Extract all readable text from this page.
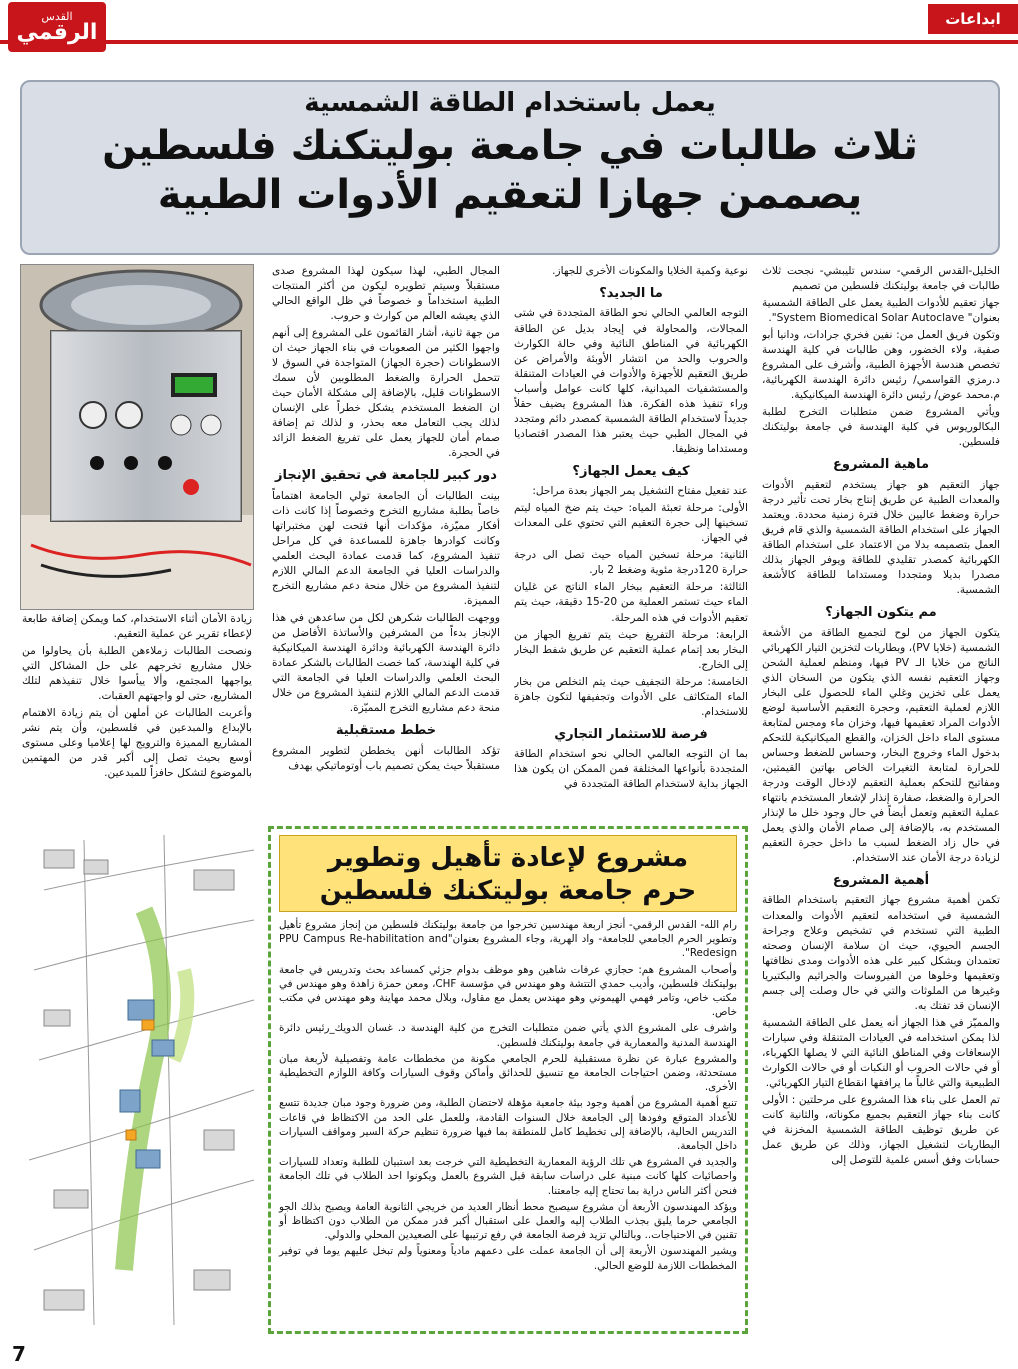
ابداعات
القدس
الرقمي
يعمل باستخدام الطاقة الشمسية
ثلاث طالبات في جامعة بوليتكنك فلسطين
يصممن جهازا لتعقيم الأدوات الطبية

الخليل-القدس الرقمي- سندس تليبشي- نجحت ثلاث طالبات في جامعة بوليتكنك فلسطين من تصميم

جهاز تعقيم للأدوات الطبية يعمل على الطاقة الشمسية بعنوان" System Biomedical Solar Autoclave".

وتكون فريق العمل من: نفين فخري جرادات، ودانيا أبو صفية، ولاء الخضور، وهن طالبات في كلية الهندسة تخصص هندسة الأجهزة الطبية، وأشرف على المشروع د.رمزي القواسمي/ رئيس دائرة الهندسة الكهربائية، م.محمد عوض/ رئيس دائرة الهندسة الميكانيكية.

ويأتي المشروع ضمن متطلبات التخرج لطلبة البكالوريوس في كلية الهندسة في جامعة بوليتكنك فلسطين.

ماهية المشروع

جهاز التعقيم هو جهاز يستخدم لتعقيم الأدوات والمعدات الطبية عن طريق إنتاج بخار تحت تأثير درجة حرارة وضغط عاليين خلال فترة زمنية محددة. ويعتمد الجهاز على استخدام الطاقة الشمسية والذي قام فريق العمل بتصميمه بدلا من الاعتماد على استخدام الطاقة الكهربائية كمصدر تقليدي للطاقة ويوفر الجهاز بذلك مصدرا بديلا ومتجددا ومستداما للطاقة كالأشعة الشمسية.

مم يتكون الجهاز؟

يتكون الجهاز من لوح لتجميع الطاقة من الأشعة الشمسية (خلايا PV)، وبطاريات لتخزين التيار الكهربائي الناتج من خلايا الـ PV فيها، ومنظم لعملية الشحن وجهاز التعقيم نفسه الذي يتكون من السخان الذي يعمل على تخزين وغلي الماء للحصول على البخار اللازم لعملية التعقيم، وحجرة التعقيم الأساسية لوضع الأدوات المراد تعقيمها فيها، وخزان ماء ومجس لمتابعة مستوى الماء داخل الخزان، والقطع الميكانيكية للتحكم بدخول الماء وخروج البخار، وحساس للضغط وحساس للحرارة لمتابعة التغيرات الخاص بهاتين القيمتين، ومفاتيح للتحكم بعملية التعقيم لإدخال الوقت ودرجة الحرارة والضغط، صفارة إنذار لإشعار المستخدم بانتهاء عملية التعقيم وتعمل أيضاً في حال وجود خلل ما لإنذار المستخدم به، بالإضافة إلى صمام الأمان والذي يعمل في حال زاد الضغط لسبب ما داخل حجرة التعقيم لزيادة درجة الأمان عند الاستخدام.

أهمية المشروع

تكمن أهمية مشروع جهاز التعقيم باستخدام الطاقة الشمسية في استخدامه لتعقيم الأدوات والمعدات الطبية التي تستخدم في تشخيص وعلاج وجراحة الجسم الحيوي، حيث ان سلامة الإنسان وصحته تعتمدان وبشكل كبير على هذه الأدوات ومدى نظافتها وتعقيمها وخلوها من الفيروسات والجراثيم والبكتيريا وغيرها من الملوثات والتي في حال وصلت إلى جسم الإنسان قد تفتك به.

والمميّز في هذا الجهاز أنه يعمل على الطاقة الشمسية لذا يمكن استخدامه في العيادات المتنقلة وفي سيارات الإسعافات وفي المناطق النائية التي لا يصلها الكهرباء، أو في حالات الحروب أو النكبات أو في حالات الكوارث الطبيعية والتي غالباً ما يرافقها انقطاع التيار الكهربائي.

تم العمل على بناء هذا المشروع على مرحلتين : الأولى كانت بناء جهاز التعقيم بجميع مكوناته، والثانية كانت عن طريق توظيف الطاقة الشمسية المخزنة في البطاريات لتشغيل الجهاز، وذلك عن طريق عمل حسابات وفق أسس علمية للتوصل إلى

نوعية وكمية الخلايا والمكونات الأخرى للجهاز.

ما الجديد؟

التوجه العالمي الحالي نحو الطاقة المتجددة في شتى المجالات، والمحاولة في إيجاد بديل عن الطاقة الكهربائية في المناطق النائية وفي حالة الكوارث والحروب والحد من انتشار الأوبئة والأمراض عن طريق التعقيم للأجهزة والأدوات في العيادات المتنقلة والمستشفيات الميدانية، كلها كانت عوامل وأسباب وراء تنفيذ هذه الفكرة. هذا المشروع يضيف حقلاً جديداً لاستخدام الطاقة الشمسية كمصدر دائم ومتجدد في المجال الطبي حيث يعتبر هذا المصدر اقتصاديا ومستداما ونظيفا.

كيف يعمل الجهاز؟

عند تفعيل مفتاح التشغيل يمر الجهاز بعدة مراحل:

الأولى: مرحلة تعبئة المياه: حيث يتم ضخ المياه ليتم تسخينها إلى حجرة التعقيم التي تحتوي على المعدات في الجهاز.

الثانية: مرحلة تسخين المياه حيث تصل الى درجة حرارة 120درجة مئوية وضغط 2 بار.

الثالثة: مرحلة التعقيم ببخار الماء الناتج عن غليان الماء حيث تستمر العملية من 20-15 دقيقة، حيث يتم تعقيم الأدوات في هذه المرحلة.

الرابعة: مرحلة التفريغ حيث يتم تفريغ الجهاز من البخار بعد إتمام عملية التعقيم عن طريق شفط البخار إلى الخارج.

الخامسة: مرحلة التجفيف حيث يتم التخلص من بخار الماء المتكاثف على الأدوات وتجفيفها لتكون جاهزة للاستخدام.

فرصة للاستثمار التجاري

بما ان التوجه العالمي الحالي نحو استخدام الطاقة المتجددة بأنواعها المختلفة فمن الممكن ان يكون هذا الجهاز بداية لاستخدام الطاقة المتجددة في

المجال الطبي، لهذا سيكون لهذا المشروع صدى مستقبلاً وسيتم تطويره ليكون من أكثر المنتجات الطبية استخداماً و خصوصاً في ظل الواقع الحالي الذي يعيشه العالم من كوارث و حروب.

من جهة ثانية، أشار القائمون على المشروع إلى أنهم واجهوا الكثير من الصعوبات في بناء الجهاز حيث ان الاسطوانات (حجرة الجهاز) المتواجدة في السوق لا تتحمل الحرارة والضغط المطلوبين لأن سمك الاسطوانات قليل، بالإضافة إلى مشكلة الأمان حيث ان الضغط المستخدم يشكل خطراً على الإنسان لذلك يجب التعامل معه بحذر، و لذلك تم إضافة صمام أمان للجهاز يعمل على تفريغ الضغط الزائد في الحجرة.

دور كبير للجامعة في تحقيق الإنجاز

بينت الطالبات أن الجامعة تولي الجامعة اهتماماً خاصاً بطلبة مشاريع التخرج وخصوصاً إذا كانت ذات أفكار مميّزة، مؤكدات أنها فتحت لهن مختبراتها وكانت كوادرها جاهزة للمساعدة في كل مراحل تنفيذ المشروع، كما قدمت عمادة البحث العلمي والدراسات العليا في الجامعة الدعم المالي اللازم لتنفيذ المشروع من خلال منحة دعم مشاريع التخرج المميزة.

ووجهت الطالبات شكرهن لكل من ساعدهن في هذا الإنجاز بدءاً من المشرفين والأساتذة الأفاضل من دائرة الهندسة الكهربائية ودائرة الهندسة الميكانيكية في كلية الهندسة، كما خصت الطالبات بالشكر عمادة البحث العلمي والدراسات العليا في الجامعة التي قدمت الدعم المالي اللازم لتنفيذ المشروع من خلال منحة دعم مشاريع التخرج المميّزة.

خطط مستقبلية

تؤكد الطالبات أنهن يخططن لتطوير المشروع مستقبلاً حيث يمكن تصميم باب أوتوماتيكي بهدف

زيادة الأمان أثناء الاستخدام، كما ويمكن إضافة طابعة لإعطاء تقرير عن عملية التعقيم.

ونصحت الطالبات زملاءهن الطلبة بأن يحاولوا من خلال مشاريع تخرجهم على حل المشاكل التي يواجهها المجتمع، وألا ييأسوا خلال تنفيذهم لتلك المشاريع، حتى لو واجهتهم العقبات.

وأعربت الطالبات عن أملهن أن يتم زيادة الاهتمام بالإبداع والمبدعين في فلسطين، وأن يتم نشر المشاريع المميزة والترويج لها إعلاميا وعلى مستوى أوسع بحيث تصل إلى أكبر قدر من المهتمين بالموضوع لتشكل حافزاً للمبدعين.

مشروع لإعادة تأهيل وتطوير
حرم جامعة بوليتكنك فلسطين

رام الله- القدس الرقمي- أنجز اربعة مهندسين تخرجوا من جامعة بوليتكنك فلسطين من إنجاز مشروع تأهيل وتطوير الحرم الجامعي للجامعة- واد الهرية، وجاء المشروع بعنوان"PPU Campus Re-habilitation and Redesign".

وأصحاب المشروع هم: حجازي عرفات شاهين وهو موظف بدوام جزئي كمساعد بحث وتدريس في جامعة بوليتكنك فلسطين، وأديب حمدي التتشة وهو مهندس في مؤسسة CHF، ومعن حمزة زاهدة وهو مهندس في مكتب خاص، وتامر فهمي الهيموني وهو مهندس يعمل مع مقاول، وبلال محمد مهاينة وهو مهندس في مكتب خاص.

واشرف على المشروع الذي يأتي ضمن متطلبات التخرج من كلية الهندسة د. غسان الدويك_رئيس دائرة الهندسة المدنية والمعمارية في جامعة بوليتكنك فلسطين.

والمشروع عبارة عن نظرة مستقبلية للحرم الجامعي مكونة من مخططات عامة وتفصيلية لأربعة مبان مستحدثة، وضمن احتياجات الجامعة مع تنسيق للحدائق وأماكن وقوف السيارات وكافة اللوازم التخطيطية الأخرى.

تنبع أهمية المشروع من أهمية وجود بيئة جامعية مؤهلة لاحتضان الطلبة، ومن ضرورة وجود مبان جديدة تتسع للأعداد المتوقع وفودها إلى الجامعة خلال السنوات القادمة، وللعمل على الحد من الاكتظاظ في قاعات التدريس الحالية، بالإضافة إلى تخطيط كامل للمنطقة بما فيها ضرورة تنظيم حركة السير ومواقف السيارات داخل الجامعة.

والجديد في المشروع هي تلك الرؤية المعمارية التخطيطية التي خرجت بعد استبيان للطلبة وتعداد للسيارات واحصائيات كلها كانت مبنية على دراسات سابقة قبل الشروع بالعمل ويكونوا احد الطلاب في تلك الجامعة فنحن أكثر الناس دراية بما تحتاج إليه جامعتنا.

ويؤكد المهندسون الأربعة أن مشروع سيصبح محط أنظار العديد من خريجي الثانوية العامة ويصبح بذلك الجو الجامعي حرما يليق بجذب الطلاب إليه والعمل على استقبال أكبر قدر ممكن من الطلاب دون اكتظاظ أو تقنين في الاحتياجات.. وبالتالي تزيد فرصة الجامعة في رفع ترتيبها على الصعيدين المحلي والدولي.

ويشير المهندسون الأربعة إلى أن الجامعة عملت على دعمهم مادياً ومعنوياً ولم تبخل عليهم يوما في توفير المخططات اللازمة للوضع الحالي.

7
